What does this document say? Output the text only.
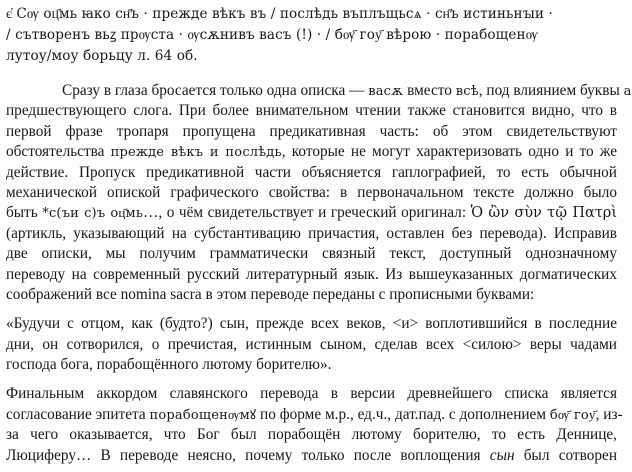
є҆ Сѹ оц҃мь ꙗко сн҃ъ · прежде вѣкъ въ / послѣдь въплъщьсѧ · сн҃ъ истиньнꙑи ·
/ сътворенъ вьꙁ прѹста · ѹсѫнивъ васъ (!) · / бѹ҃ гоу҃ вѣрою · порабощенѹ
лутоу/моу борьцу л. 64 об.
Сразу в глаза бросается только одна описка — васѫ вместо всѣ, под влиянием буквы а
предшествующего слога. При более внимательном чтении также становится видно, что в
первой фразе тропаря пропущена предикативная часть: об этом свидетельствуют
обстоятельства прежде вѣкъ и послѣдь, которые не могут характеризовать одно и то же
действие. Пропуск предикативной части объясняется гаплографией, то есть обычной
механической опиской графического свойства: в первоначальном тексте должно было
быть *с(ъи с)ъ оц҃мь…, о чём свидетельствует и греческий оригинал: Ὁ ὢν σὺν τῷ Πατρὶ
(артикль, указывающий на субстантивацию причастия, оставлен без перевода). Исправив
две описки, мы получим грамматически связный текст, доступный однозначному
переводу на современный русский литературный язык. Из вышеуказанных догматических
соображений все nomina sacra в этом переводе переданы с прописными буквами:
«Будучи с отцом, как (будто?) сын, прежде всех веков, <и> воплотившийся в последние
дни, он сотворился, о пречистая, истинным сыном, сделав всех <силою> веры чадами
господа бога, порабощённого лютому борителю».
Финальным аккордом славянского перевода в версии древнейшего списка является
согласование эпитета порабощенѹмꙋ по форме м.р., ед.ч., дат.пад. с дополнением бѹ҃ гоу҃, из-
за чего оказывается, что Бог был порабощён лютому борителю, то есть Деннице,
Люциферу… В переводе неясно, почему только после воплощения сын был сотворен
